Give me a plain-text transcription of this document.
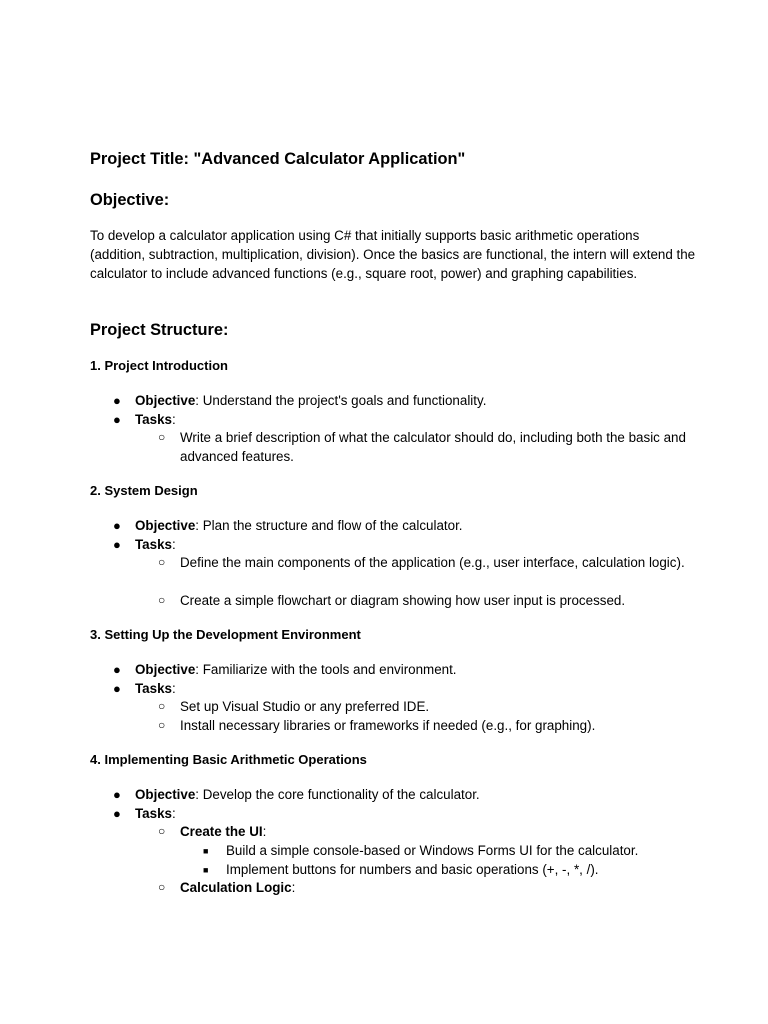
Project Title: "Advanced Calculator Application"
Objective:
To develop a calculator application using C# that initially supports basic arithmetic operations (addition, subtraction, multiplication, division). Once the basics are functional, the intern will extend the calculator to include advanced functions (e.g., square root, power) and graphing capabilities.
Project Structure:
1. Project Introduction
● Objective: Understand the project's goals and functionality.
● Tasks:
○ Write a brief description of what the calculator should do, including both the basic and advanced features.
2. System Design
● Objective: Plan the structure and flow of the calculator.
● Tasks:
○ Define the main components of the application (e.g., user interface, calculation logic).
○ Create a simple flowchart or diagram showing how user input is processed.
3. Setting Up the Development Environment
● Objective: Familiarize with the tools and environment.
● Tasks:
○ Set up Visual Studio or any preferred IDE.
○ Install necessary libraries or frameworks if needed (e.g., for graphing).
4. Implementing Basic Arithmetic Operations
● Objective: Develop the core functionality of the calculator.
● Tasks:
○ Create the UI:
■ Build a simple console-based or Windows Forms UI for the calculator.
■ Implement buttons for numbers and basic operations (+, -, *, /).
○ Calculation Logic:
